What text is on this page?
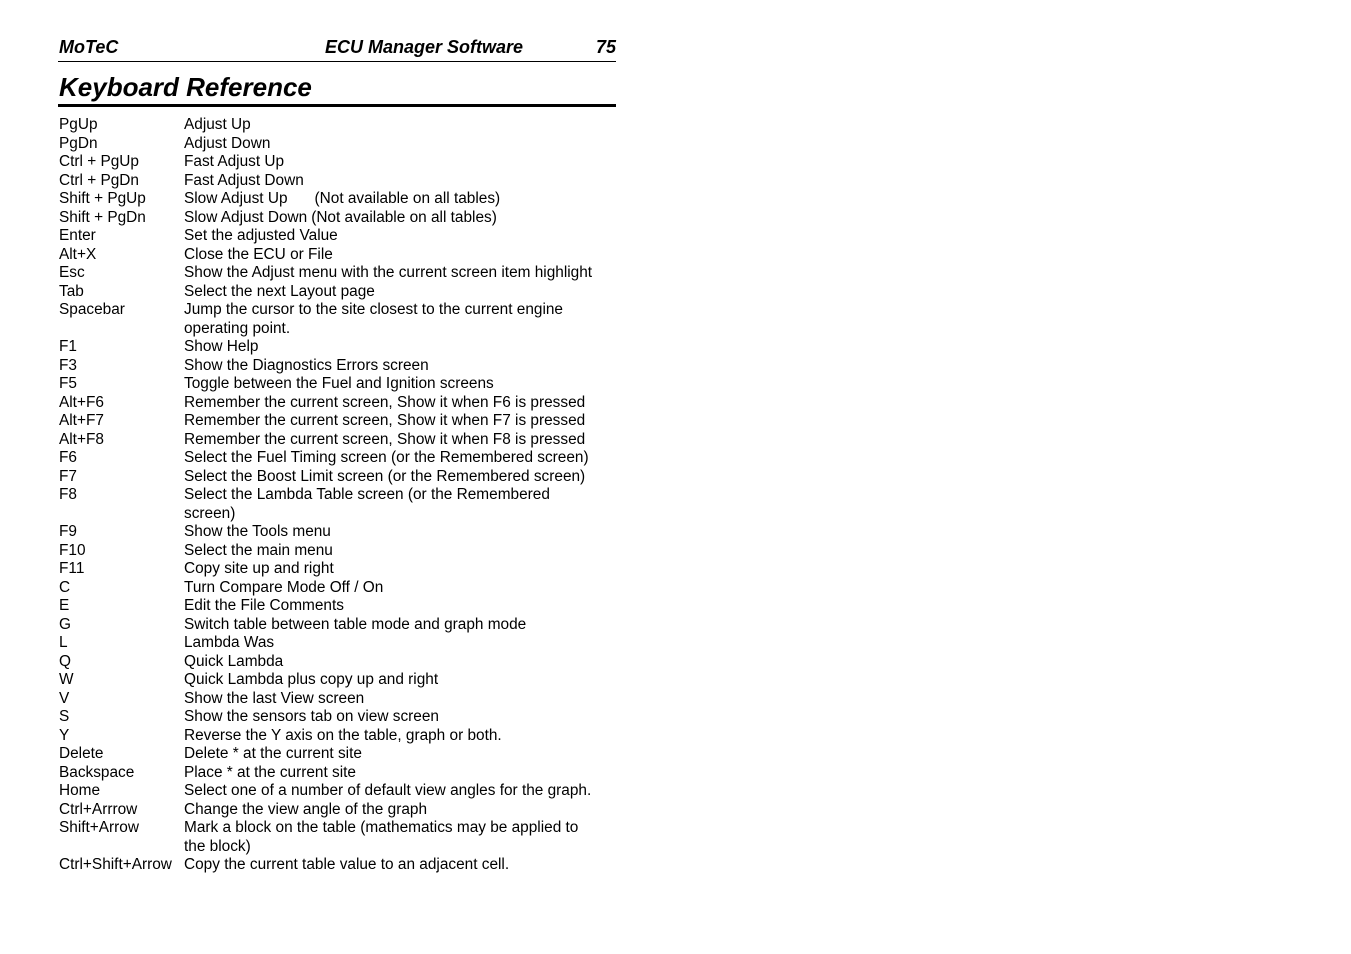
MoTeC	ECU Manager Software	75
Keyboard Reference
PgUp	Adjust Up
PgDn	Adjust Down
Ctrl + PgUp	Fast Adjust Up
Ctrl + PgDn	Fast Adjust Down
Shift + PgUp	Slow Adjust Up (Not available on all tables)
Shift + PgDn	Slow Adjust Down (Not available on all tables)
Enter	Set the adjusted Value
Alt+X	Close the ECU or File
Esc	Show the Adjust menu with the current screen item highlight
Tab	Select the next Layout page
Spacebar	Jump the cursor to the site closest to the current engine
operating point.
F1	Show Help
F3	Show the Diagnostics Errors screen
F5	Toggle between the Fuel and Ignition screens
Alt+F6	Remember the current screen, Show it when F6 is pressed
Alt+F7	Remember the current screen, Show it when F7 is pressed
Alt+F8	Remember the current screen, Show it when F8 is pressed
F6	Select the Fuel Timing screen (or the Remembered screen)
F7	Select the Boost Limit screen (or the Remembered screen)
F8	Select the Lambda Table screen (or the Remembered
screen)
F9	Show the Tools menu
F10	Select the main menu
F11	Copy site up and right
C	Turn Compare Mode Off / On
E	Edit the File Comments
G	Switch table between table mode and graph mode
L	Lambda Was
Q	Quick Lambda
W	Quick Lambda plus copy up and right
V	Show the last View screen
S	Show the sensors tab on view screen
Y	Reverse the Y axis on the table, graph or both.
Delete	Delete * at the current site
Backspace	Place * at the current site
Home	Select one of a number of default view angles for the graph.
Ctrl+Arrrow	Change the view angle of the graph
Shift+Arrow	Mark a block on the table (mathematics may be applied to
the block)
Ctrl+Shift+Arrow Copy the current table value to an adjacent cell.
